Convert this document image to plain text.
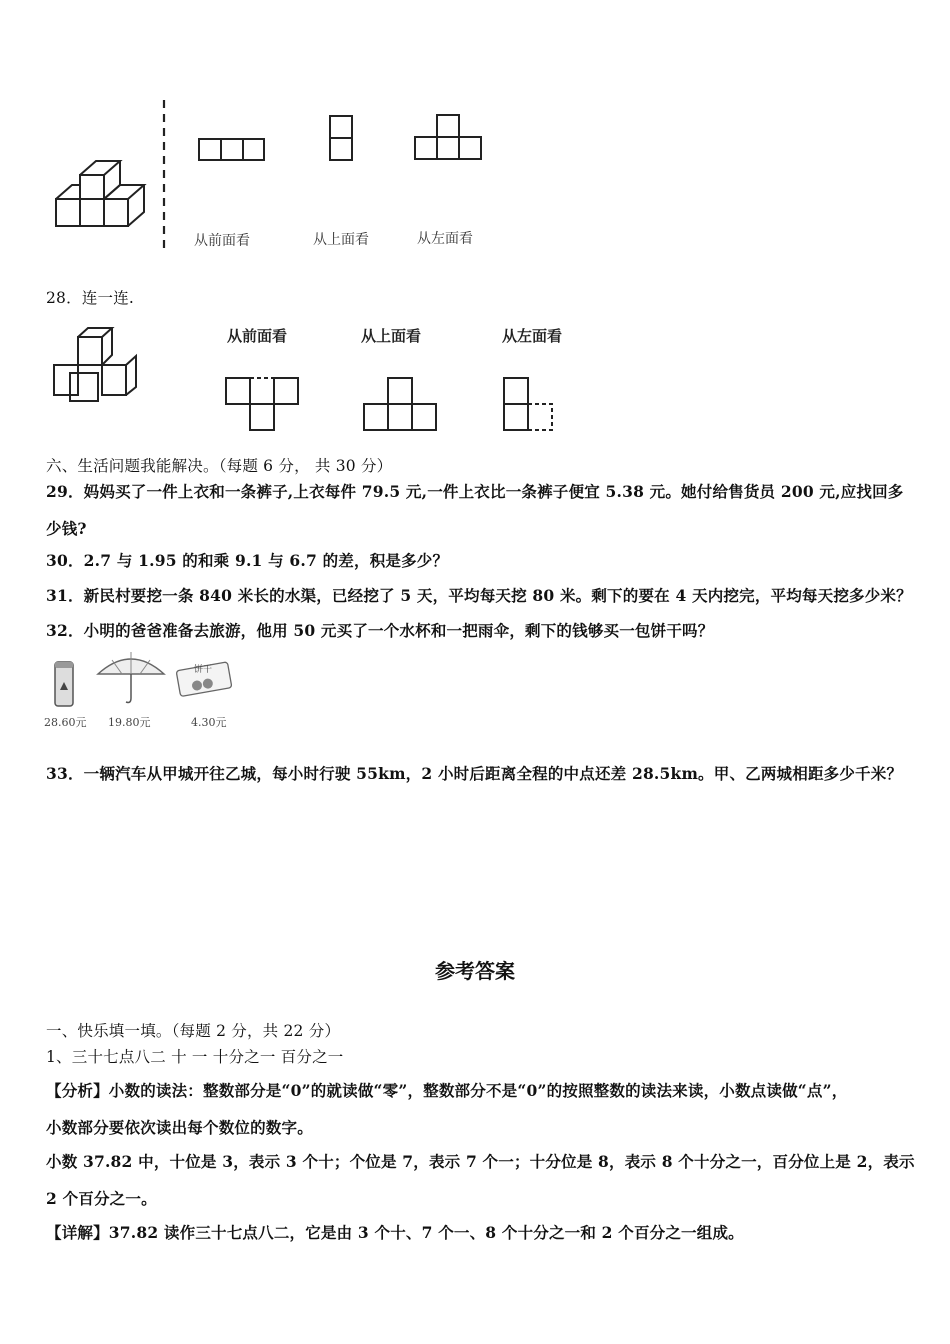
从前面看	从上面看	从左面看
28．连一连.
从前面看	从上面看	从左面看
六、生活问题我能解决。（每题 6 分， 共 30 分）
29．妈妈买了一件上衣和一条裤子,上衣每件 79.5 元,一件上衣比一条裤子便宜 5.38 元。她付给售货员 200 元,应找回多
少钱?
30．2.7 与 1.95 的和乘 9.1 与 6.7 的差，积是多少？
31．新民村要挖一条 840 米长的水渠，已经挖了 5 天，平均每天挖 80 米。剩下的要在 4 天内挖完，平均每天挖多少米？
32．小明的爸爸准备去旅游，他用 50 元买了一个水杯和一把雨伞，剩下的钱够买一包饼干吗？
28.60元 19.80元
饼干
4.30元
33．一辆汽车从甲城开往乙城，每小时行驶 55km，2 小时后距离全程的中点还差 28.5km。甲、乙两城相距多少千米？
参考答案
一、快乐填一填。（每题 2 分，共 22 分）
1、三十七点八二 十 一 十分之一 百分之一
【分析】小数的读法：整数部分是“0”的就读做“零”，整数部分不是“0”的按照整数的读法来读，小数点读做“点”，
小数部分要依次读出每个数位的数字。
小数 37.82 中，十位是 3，表示 3 个十；个位是 7，表示 7 个一；十分位是 8，表示 8 个十分之一，百分位上是 2，表示
2 个百分之一。
【详解】37.82 读作三十七点八二，它是由 3 个十、7 个一、8 个十分之一和 2 个百分之一组成。
